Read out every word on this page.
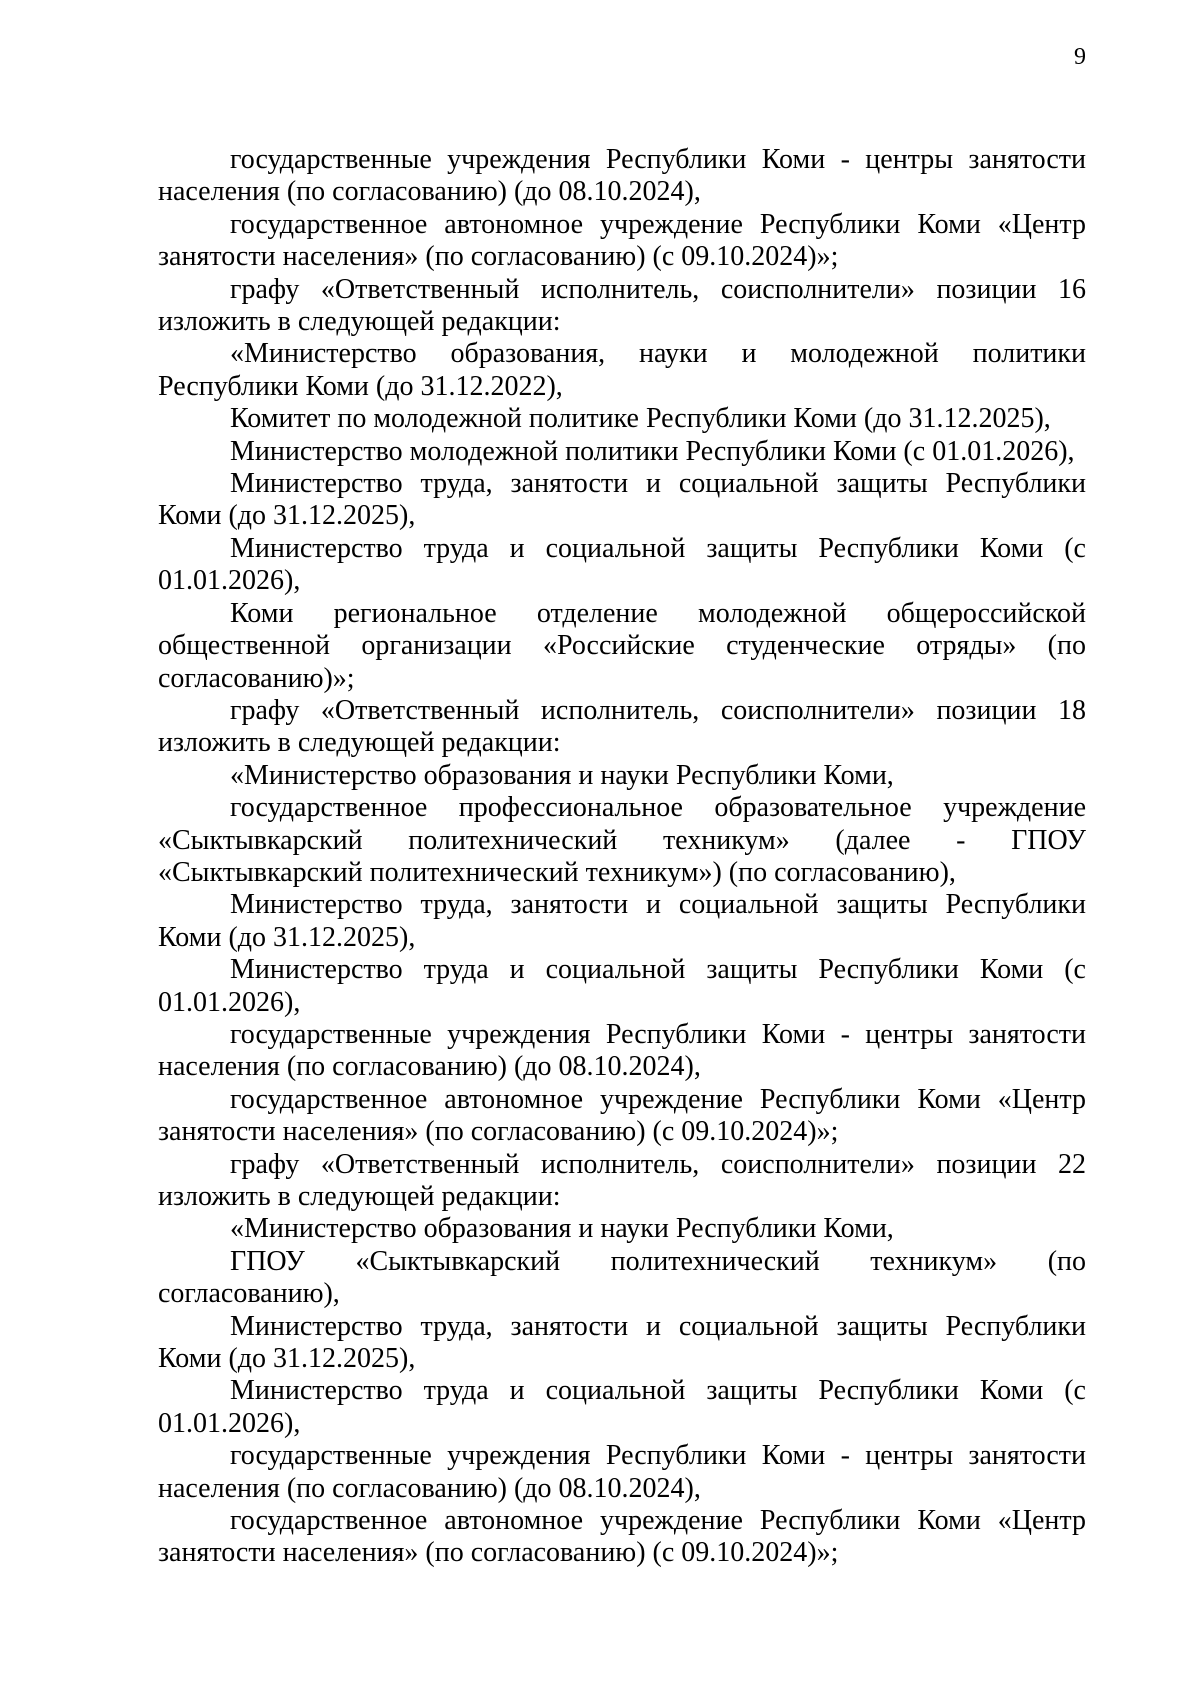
9

государственные учреждения Республики Коми - центры занятости населения (по согласованию) (до 08.10.2024),

государственное автономное учреждение Республики Коми «Центр занятости населения» (по согласованию) (с 09.10.2024)»;

графу «Ответственный исполнитель, соисполнители» позиции 16 изложить в следующей редакции:

«Министерство образования, науки и молодежной политики Республики Коми (до 31.12.2022),

Комитет по молодежной политике Республики Коми (до 31.12.2025),

Министерство молодежной политики Республики Коми (с 01.01.2026),

Министерство труда, занятости и социальной защиты Республики Коми (до 31.12.2025),

Министерство труда и социальной защиты Республики Коми (с 01.01.2026),

Коми региональное отделение молодежной общероссийской общественной организации «Российские студенческие отряды» (по согласованию)»;

графу «Ответственный исполнитель, соисполнители» позиции 18 изложить в следующей редакции:

«Министерство образования и науки Республики Коми,

государственное профессиональное образовательное учреждение «Сыктывкарский политехнический техникум» (далее - ГПОУ «Сыктывкарский политехнический техникум») (по согласованию),

Министерство труда, занятости и социальной защиты Республики Коми (до 31.12.2025),

Министерство труда и социальной защиты Республики Коми (с 01.01.2026),

государственные учреждения Республики Коми - центры занятости населения (по согласованию) (до 08.10.2024),

государственное автономное учреждение Республики Коми «Центр занятости населения» (по согласованию) (с 09.10.2024)»;

графу «Ответственный исполнитель, соисполнители» позиции 22 изложить в следующей редакции:

«Министерство образования и науки Республики Коми,

ГПОУ «Сыктывкарский политехнический техникум» (по согласованию),

Министерство труда, занятости и социальной защиты Республики Коми (до 31.12.2025),

Министерство труда и социальной защиты Республики Коми (с 01.01.2026),

государственные учреждения Республики Коми - центры занятости населения (по согласованию) (до 08.10.2024),

государственное автономное учреждение Республики Коми «Центр занятости населения» (по согласованию) (с 09.10.2024)»;
